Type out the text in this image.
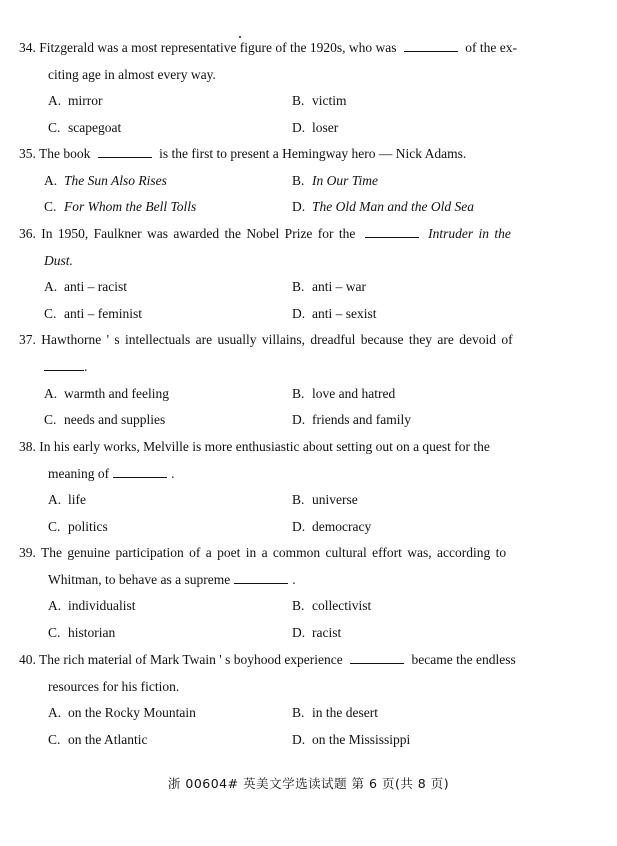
34. Fitzgerald was a most representative figure of the 1920s, who was	of the ex-
citing age in almost every way.
A. mirror	B. victim
C. scapegoat	D. loser
35. The book	is the first to present a Hemingway hero — Nick Adams.
A. The Sun Also Rises	B. In Our Time
C. For Whom the Bell Tolls	D. The Old Man and the Old Sea
36. In 1950, Faulkner was awarded the Nobel Prize for the	Intruder in the
Dust.
A. anti – racist	B. anti – war
C. anti – feminist	D. anti – sexist
37. Hawthorne ' s intellectuals are usually villains, dreadful because they are devoid of
.
A. warmth and feeling	B. love and hatred
C. needs and supplies	D. friends and family
38. In his early works, Melville is more enthusiastic about setting out on a quest for the
meaning of	.
A. life	B. universe
C. politics	D. democracy
39. The genuine participation of a poet in a common cultural effort was, according to
Whitman, to behave as a supreme	.
A. individualist	B. collectivist
C. historian	D. racist
40. The rich material of Mark Twain ' s boyhood experience	became the endless
resources for his fiction.
A. on the Rocky Mountain	B. in the desert
C. on the Atlantic	D. on the Mississippi
浙 00604# 英美文学选读试题 第 6 页(共 8 页)
